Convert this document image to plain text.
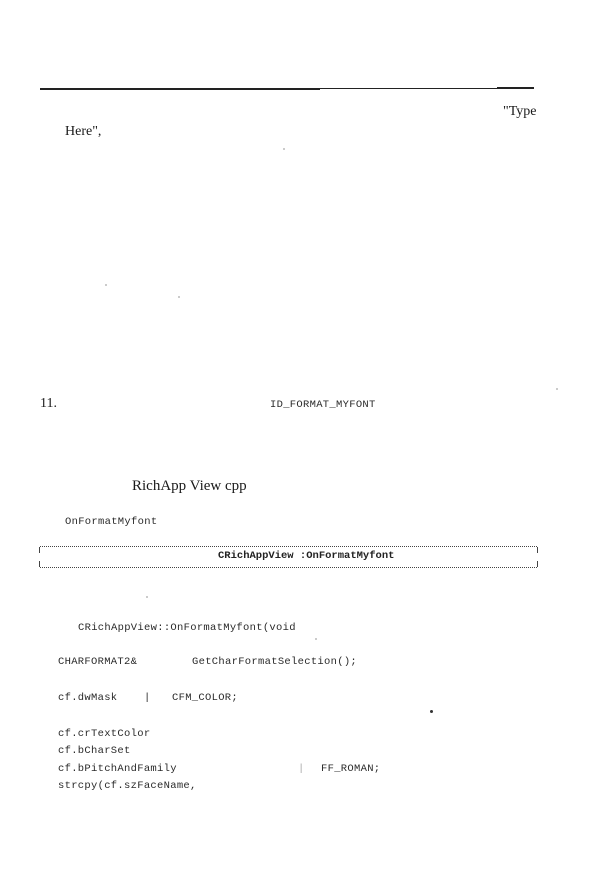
"Type
Here",
11.	ID_FORMAT_MYFONT
RichApp View cpp
OnFormatMyfont
CRichAppView :OnFormatMyfont
CRichAppView::OnFormatMyfont(void
CHARFORMAT2&	GetCharFormatSelection();
cf.dwMask	| CFM_COLOR;
cf.crTextColor
cf.bCharSet
cf.bPitchAndFamily	| FF_ROMAN;
strcpy(cf.szFaceName,
